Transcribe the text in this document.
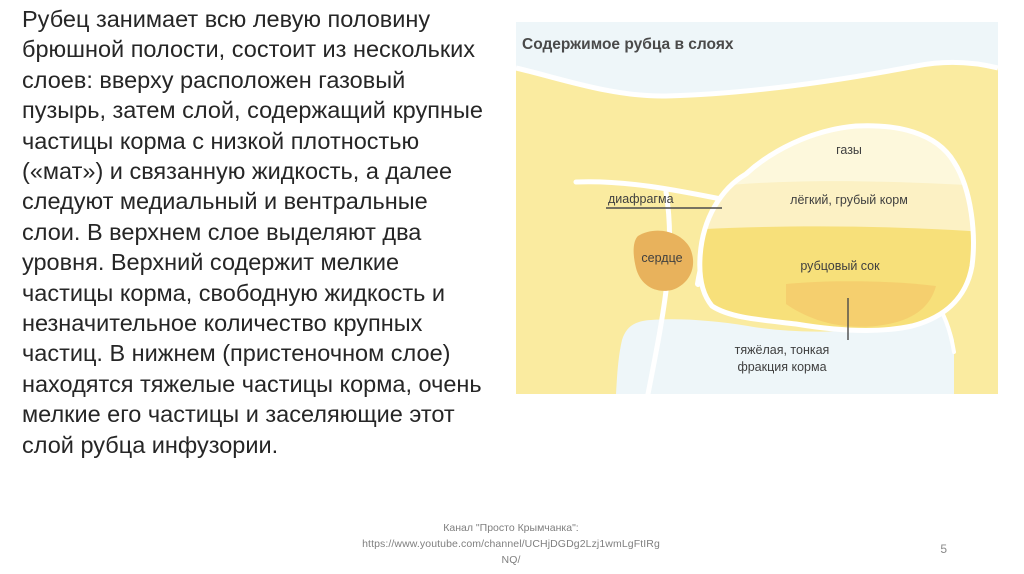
Рубец занимает всю левую половину брюшной полости, состоит из нескольких слоев: вверху расположен газовый пузырь, затем слой, содержащий крупные частицы корма с низкой плотностью («мат») и связанную жидкость, а далее следуют медиальный и вентральные слои. В верхнем слое выделяют два уровня. Верхний содержит мелкие частицы корма, свободную жидкость и незначительное количество крупных частиц. В нижнем (пристеночном слое) находятся тяжелые частицы корма, очень мелкие его частицы и заселяющие этот слой рубца инфузории.

Содержимое рубца в слоях
газы
лёгкий, грубый корм
диафрагма
сердце
рубцовый сок
тяжёлая, тонкая
фракция корма
Канал "Просто Крымчанка":
https://www.youtube.com/channel/UCHjDGDg2Lzj1wmLgFtIRg
NQ/
5
